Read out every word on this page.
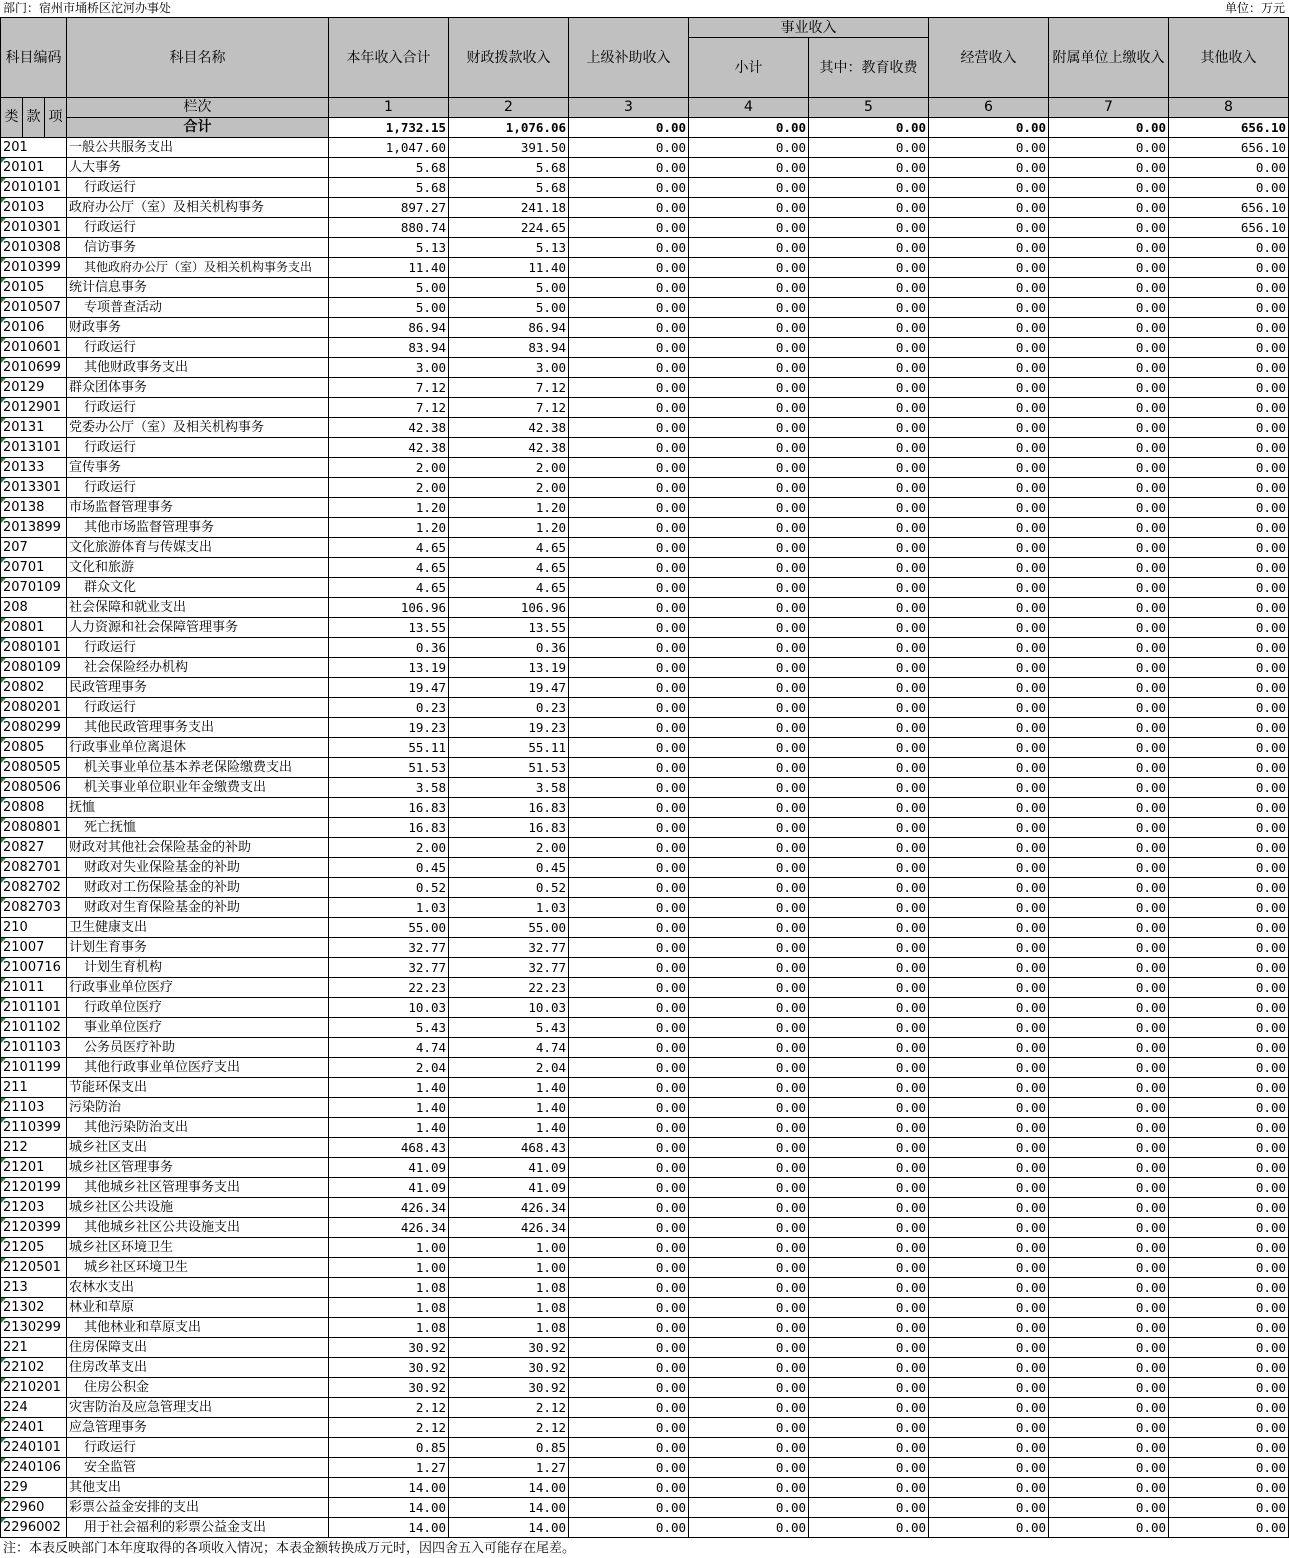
部门：宿州市埇桥区沱河办事处	单位：万元
科目编码			科目名称	本年收入合计	财政拨款收入	上级补助收入	事业收入		经营收入	附属单位上缴收入	其他收入
							小计	其中：教育收费			

类	款	项	栏次	1	2	3	4	5	6	7	8
			合计	1,732.15	1,076.06	0.00	0.00	0.00	0.00	0.00	656.10
201			一般公共服务支出	1,047.60	391.50	0.00	0.00	0.00	0.00	0.00	656.10
20101			人大事务	5.68	5.68	0.00	0.00	0.00	0.00	0.00	0.00
2010101			行政运行	5.68	5.68	0.00	0.00	0.00	0.00	0.00	0.00
20103			政府办公厅（室）及相关机构事务	897.27	241.18	0.00	0.00	0.00	0.00	0.00	656.10
2010301			行政运行	880.74	224.65	0.00	0.00	0.00	0.00	0.00	656.10
2010308			信访事务	5.13	5.13	0.00	0.00	0.00	0.00	0.00	0.00
2010399			其他政府办公厅（室）及相关机构事务支出	11.40	11.40	0.00	0.00	0.00	0.00	0.00	0.00
20105			统计信息事务	5.00	5.00	0.00	0.00	0.00	0.00	0.00	0.00
2010507			专项普查活动	5.00	5.00	0.00	0.00	0.00	0.00	0.00	0.00
20106			财政事务	86.94	86.94	0.00	0.00	0.00	0.00	0.00	0.00
2010601			行政运行	83.94	83.94	0.00	0.00	0.00	0.00	0.00	0.00
2010699			其他财政事务支出	3.00	3.00	0.00	0.00	0.00	0.00	0.00	0.00
20129			群众团体事务	7.12	7.12	0.00	0.00	0.00	0.00	0.00	0.00
2012901			行政运行	7.12	7.12	0.00	0.00	0.00	0.00	0.00	0.00
20131			党委办公厅（室）及相关机构事务	42.38	42.38	0.00	0.00	0.00	0.00	0.00	0.00
2013101			行政运行	42.38	42.38	0.00	0.00	0.00	0.00	0.00	0.00
20133			宣传事务	2.00	2.00	0.00	0.00	0.00	0.00	0.00	0.00
2013301			行政运行	2.00	2.00	0.00	0.00	0.00	0.00	0.00	0.00
20138			市场监督管理事务	1.20	1.20	0.00	0.00	0.00	0.00	0.00	0.00
2013899			其他市场监督管理事务	1.20	1.20	0.00	0.00	0.00	0.00	0.00	0.00
207			文化旅游体育与传媒支出	4.65	4.65	0.00	0.00	0.00	0.00	0.00	0.00
20701			文化和旅游	4.65	4.65	0.00	0.00	0.00	0.00	0.00	0.00
2070109			群众文化	4.65	4.65	0.00	0.00	0.00	0.00	0.00	0.00
208			社会保障和就业支出	106.96	106.96	0.00	0.00	0.00	0.00	0.00	0.00
20801			人力资源和社会保障管理事务	13.55	13.55	0.00	0.00	0.00	0.00	0.00	0.00
2080101			行政运行	0.36	0.36	0.00	0.00	0.00	0.00	0.00	0.00
2080109			社会保险经办机构	13.19	13.19	0.00	0.00	0.00	0.00	0.00	0.00
20802			民政管理事务	19.47	19.47	0.00	0.00	0.00	0.00	0.00	0.00
2080201			行政运行	0.23	0.23	0.00	0.00	0.00	0.00	0.00	0.00
2080299			其他民政管理事务支出	19.23	19.23	0.00	0.00	0.00	0.00	0.00	0.00
20805			行政事业单位离退休	55.11	55.11	0.00	0.00	0.00	0.00	0.00	0.00
2080505			机关事业单位基本养老保险缴费支出	51.53	51.53	0.00	0.00	0.00	0.00	0.00	0.00
2080506			机关事业单位职业年金缴费支出	3.58	3.58	0.00	0.00	0.00	0.00	0.00	0.00
20808			抚恤	16.83	16.83	0.00	0.00	0.00	0.00	0.00	0.00
2080801			死亡抚恤	16.83	16.83	0.00	0.00	0.00	0.00	0.00	0.00
20827			财政对其他社会保险基金的补助	2.00	2.00	0.00	0.00	0.00	0.00	0.00	0.00
2082701			财政对失业保险基金的补助	0.45	0.45	0.00	0.00	0.00	0.00	0.00	0.00
2082702			财政对工伤保险基金的补助	0.52	0.52	0.00	0.00	0.00	0.00	0.00	0.00
2082703			财政对生育保险基金的补助	1.03	1.03	0.00	0.00	0.00	0.00	0.00	0.00
210			卫生健康支出	55.00	55.00	0.00	0.00	0.00	0.00	0.00	0.00
21007			计划生育事务	32.77	32.77	0.00	0.00	0.00	0.00	0.00	0.00
2100716			计划生育机构	32.77	32.77	0.00	0.00	0.00	0.00	0.00	0.00
21011			行政事业单位医疗	22.23	22.23	0.00	0.00	0.00	0.00	0.00	0.00
2101101			行政单位医疗	10.03	10.03	0.00	0.00	0.00	0.00	0.00	0.00
2101102			事业单位医疗	5.43	5.43	0.00	0.00	0.00	0.00	0.00	0.00
2101103			公务员医疗补助	4.74	4.74	0.00	0.00	0.00	0.00	0.00	0.00
2101199			其他行政事业单位医疗支出	2.04	2.04	0.00	0.00	0.00	0.00	0.00	0.00
211			节能环保支出	1.40	1.40	0.00	0.00	0.00	0.00	0.00	0.00
21103			污染防治	1.40	1.40	0.00	0.00	0.00	0.00	0.00	0.00
2110399			其他污染防治支出	1.40	1.40	0.00	0.00	0.00	0.00	0.00	0.00
212			城乡社区支出	468.43	468.43	0.00	0.00	0.00	0.00	0.00	0.00
21201			城乡社区管理事务	41.09	41.09	0.00	0.00	0.00	0.00	0.00	0.00
2120199			其他城乡社区管理事务支出	41.09	41.09	0.00	0.00	0.00	0.00	0.00	0.00
21203			城乡社区公共设施	426.34	426.34	0.00	0.00	0.00	0.00	0.00	0.00
2120399			其他城乡社区公共设施支出	426.34	426.34	0.00	0.00	0.00	0.00	0.00	0.00
21205			城乡社区环境卫生	1.00	1.00	0.00	0.00	0.00	0.00	0.00	0.00
2120501			城乡社区环境卫生	1.00	1.00	0.00	0.00	0.00	0.00	0.00	0.00
213			农林水支出	1.08	1.08	0.00	0.00	0.00	0.00	0.00	0.00
21302			林业和草原	1.08	1.08	0.00	0.00	0.00	0.00	0.00	0.00
2130299			其他林业和草原支出	1.08	1.08	0.00	0.00	0.00	0.00	0.00	0.00
221			住房保障支出	30.92	30.92	0.00	0.00	0.00	0.00	0.00	0.00
22102			住房改革支出	30.92	30.92	0.00	0.00	0.00	0.00	0.00	0.00
2210201			住房公积金	30.92	30.92	0.00	0.00	0.00	0.00	0.00	0.00
224			灾害防治及应急管理支出	2.12	2.12	0.00	0.00	0.00	0.00	0.00	0.00
22401			应急管理事务	2.12	2.12	0.00	0.00	0.00	0.00	0.00	0.00
2240101			行政运行	0.85	0.85	0.00	0.00	0.00	0.00	0.00	0.00
2240106			安全监管	1.27	1.27	0.00	0.00	0.00	0.00	0.00	0.00
229			其他支出	14.00	14.00	0.00	0.00	0.00	0.00	0.00	0.00
22960			彩票公益金安排的支出	14.00	14.00	0.00	0.00	0.00	0.00	0.00	0.00
2296002			用于社会福利的彩票公益金支出	14.00	14.00	0.00	0.00	0.00	0.00	0.00	0.00
注：本表反映部门本年度取得的各项收入情况；本表金额转换成万元时，因四舍五入可能存在尾差。
